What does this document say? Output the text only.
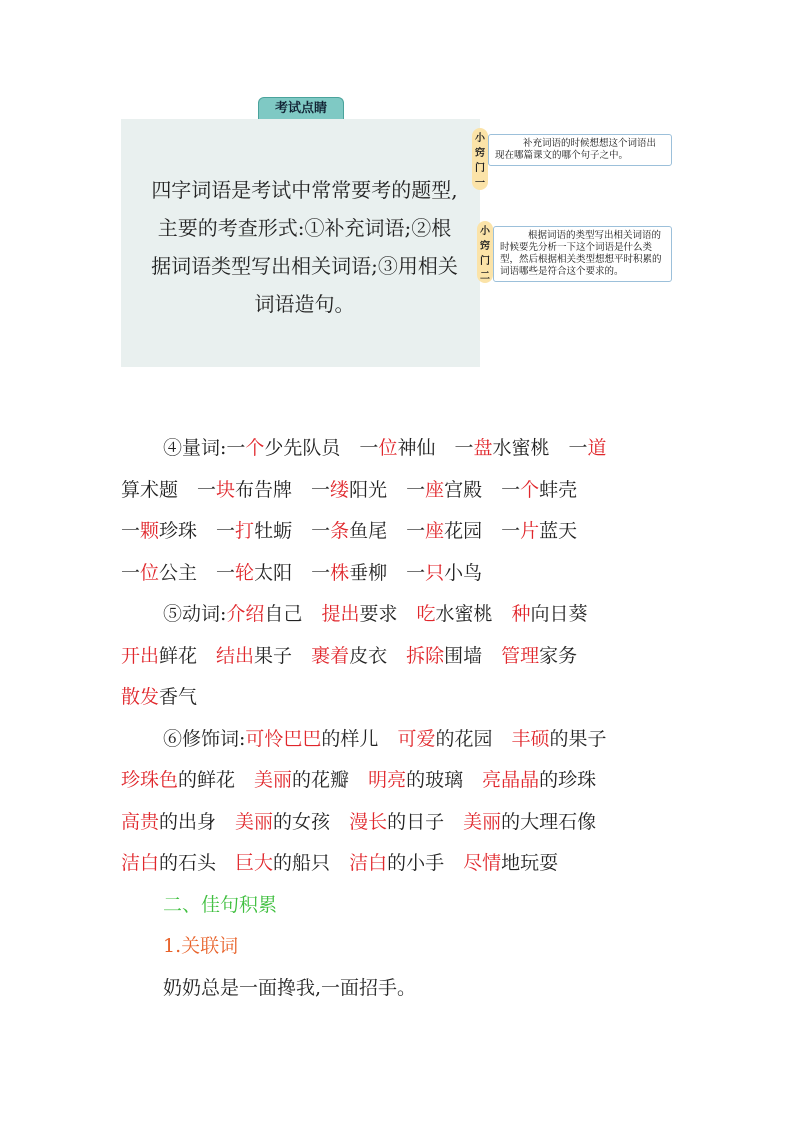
考试点睛

四字词语是考试中常常要考的题型,主要的考查形式:①补充词语;②根据词语类型写出相关词语;③用相关词语造句。

补充词语的时候想想这个词语出现在哪篇课文的哪个句子之中。
小窍门一
根据词语的类型写出相关词语的时候要先分析一下这个词语是什么类型，然后根据相关类型想想平时积累的词语哪些是符合这个要求的。
小窍门二
④量词:一个少先队员　一位神仙　一盘水蜜桃　一道
算术题　一块布告牌　一缕阳光　一座宫殿　一个蚌壳
一颗珍珠　一打牡蛎　一条鱼尾　一座花园　一片蓝天
一位公主　一轮太阳　一株垂柳　一只小鸟
⑤动词:介绍自己　提出要求　吃水蜜桃　种向日葵
开出鲜花　结出果子　裹着皮衣　拆除围墙　管理家务
散发香气
⑥修饰词:可怜巴巴的样儿　可爱的花园　丰硕的果子
珍珠色的鲜花　美丽的花瓣　明亮的玻璃　亮晶晶的珍珠
高贵的出身　美丽的女孩　漫长的日子　美丽的大理石像
洁白的石头　巨大的船只　洁白的小手　尽情地玩耍
二、佳句积累
1.关联词
奶奶总是一面搀我,一面招手。
